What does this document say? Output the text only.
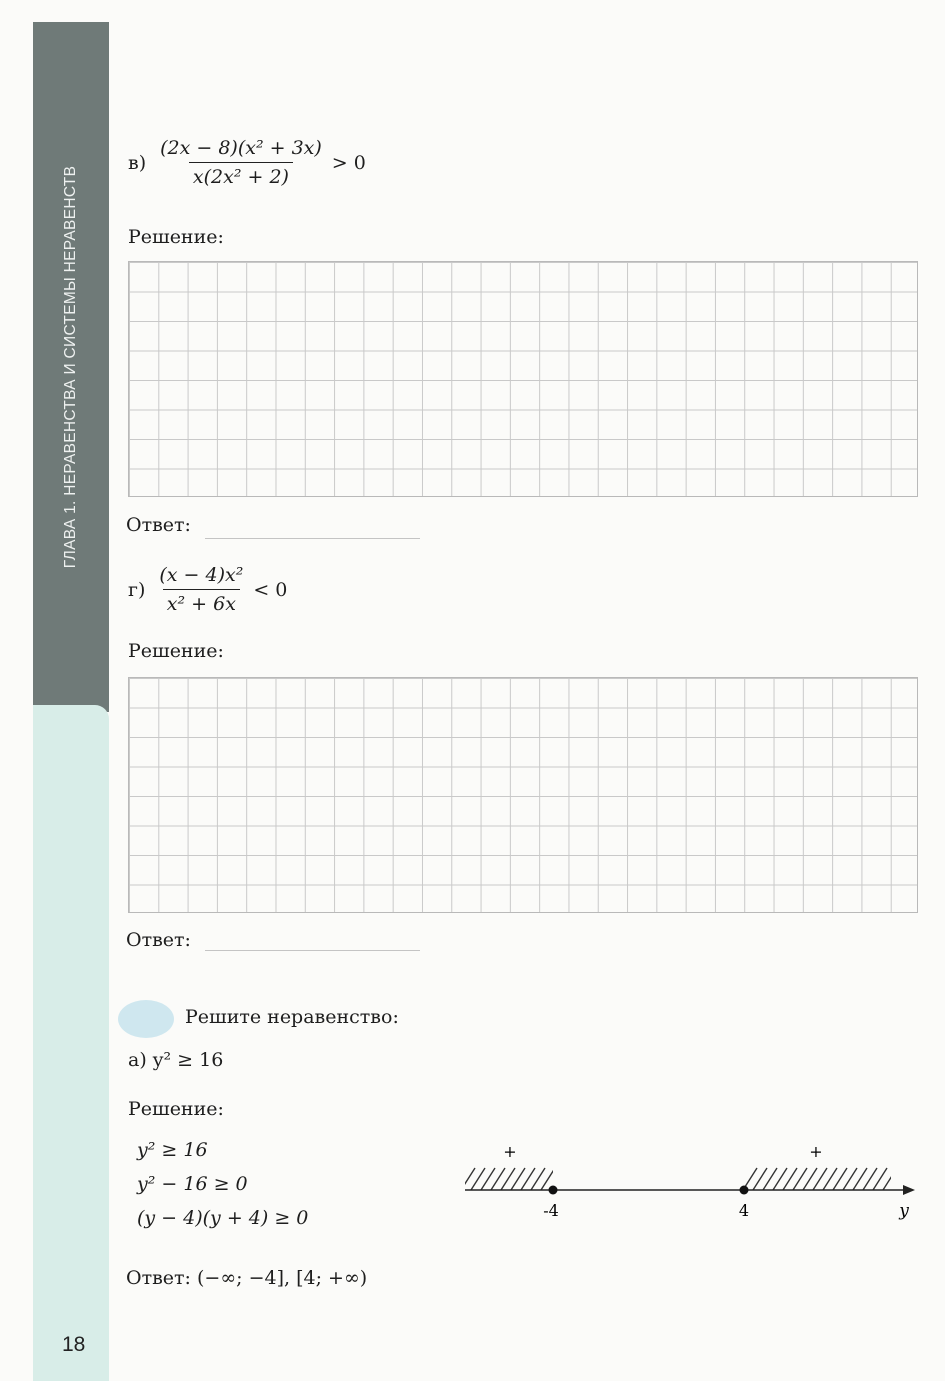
ГЛАВА 1. НЕРАВЕНСТВА И СИСТЕМЫ НЕРАВЕНСТВ
18
$в) \frac{\text{(2x − 8)(x² + 3x)}}{\text{x(2x² + 2)}} > 0$
Решение:
Ответ:
$г) \frac{\text{(x − 4)x²}}{\text{x² + 6x}} < 0$
Решение:
Ответ:
Решите неравенство:
а) y² ≥ 16
Решение:
y² ≥ 16
y² − 16 ≥ 0
(y − 4)(y + 4) ≥ 0
+	+
-4	4	y
Ответ: (−∞; −4], [4; +∞)
